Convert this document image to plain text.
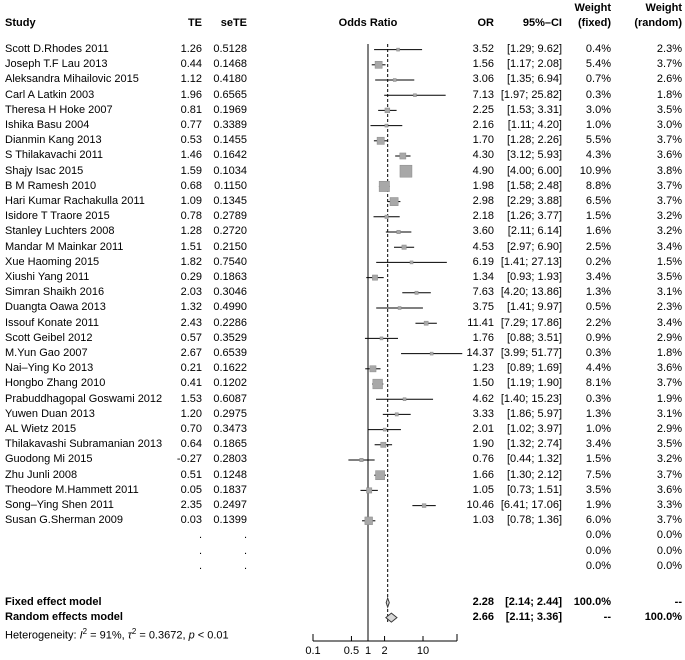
Weight	Weight
Study	TE	seTE	Odds Ratio	OR	95%–CI	(fixed)	(random)
Scott D.Rhodes 2011	1.26	0.5128	3.52	[1.29; 9.62]	0.4%	2.3%
Joseph T.F Lau 2013	0.44	0.1468	1.56	[1.17; 2.08]	5.4%	3.7%
Aleksandra Mihailovic 2015	1.12	0.4180	3.06	[1.35; 6.94]	0.7%	2.6%
Carl A Latkin 2003	1.96	0.6565	7.13 [1.97; 25.82]	0.3%	1.8%
Theresa H Hoke 2007	0.81	0.1969	2.25	[1.53; 3.31]	3.0%	3.5%
Ishika Basu 2004	0.77	0.3389	2.16	[1.11; 4.20]	1.0%	3.0%
Dianmin Kang 2013	0.53	0.1455	1.70	[1.28; 2.26]	5.5%	3.7%
S Thilakavachi 2011	1.46	0.1642	4.30	[3.12; 5.93]	4.3%	3.6%
Shajy Isac 2015	1.59	0.1034	4.90	[4.00; 6.00]	10.9%	3.8%
B M Ramesh 2010	0.68	0.1150	1.98	[1.58; 2.48]	8.8%	3.7%
Hari Kumar Rachakulla 2011	1.09	0.1345	2.98	[2.29; 3.88]	6.5%	3.7%
Isidore T Traore 2015	0.78	0.2789	2.18	[1.26; 3.77]	1.5%	3.2%
Stanley Luchters 2008	1.28	0.2720	3.60	[2.11; 6.14]	1.6%	3.2%
Mandar M Mainkar 2011	1.51	0.2150	4.53	[2.97; 6.90]	2.5%	3.4%
Xue Haoming 2015	1.82	0.7540	6.19 [1.41; 27.13]	0.2%	1.5%
Xiushi Yang 2011	0.29	0.1863	1.34	[0.93; 1.93]	3.4%	3.5%
Simran Shaikh 2016	2.03	0.3046	7.63 [4.20; 13.86]	1.3%	3.1%
Duangta Oawa 2013	1.32	0.4990	3.75	[1.41; 9.97]	0.5%	2.3%
Issouf Konate 2011	2.43	0.2286	11.41 [7.29; 17.86]	2.2%	3.4%
Scott Geibel 2012	0.57	0.3529	1.76	[0.88; 3.51]	0.9%	2.9%
M.Yun Gao 2007	2.67	0.6539	14.37 [3.99; 51.77]	0.3%	1.8%
Nai–Ying Ko 2013	0.21	0.1622	1.23	[0.89; 1.69]	4.4%	3.6%
Hongbo Zhang 2010	0.41	0.1202	1.50	[1.19; 1.90]	8.1%	3.7%
Prabuddhagopal Goswami 2012	1.53	0.6087	4.62 [1.40; 15.23]	0.3%	1.9%
Yuwen Duan 2013	1.20	0.2975	3.33	[1.86; 5.97]	1.3%	3.1%
AL Wietz 2015	0.70	0.3473	2.01	[1.02; 3.97]	1.0%	2.9%
Thilakavashi Subramanian 2013	0.64	0.1865	1.90	[1.32; 2.74]	3.4%	3.5%
Guodong Mi 2015	-0.27	0.2803	0.76	[0.44; 1.32]	1.5%	3.2%
Zhu Junli 2008	0.51	0.1248	1.66	[1.30; 2.12]	7.5%	3.7%
Theodore M.Hammett 2011	0.05	0.1837	1.05	[0.73; 1.51]	3.5%	3.6%
Song–Ying Shen 2011	2.35	0.2497	10.46 [6.41; 17.06]	1.9%	3.3%
Susan G.Sherman 2009	0.03	0.1399	1.03	[0.78; 1.36]	6.0%	3.7%
.	.	0.0%	0.0%
.	.	0.0%	0.0%
.	.	0.0%	0.0%
Fixed effect model	2.28	[2.14; 2.44]	100.0%	--
Random effects model	2.66	[2.11; 3.36]	--	100.0%
Heterogeneity: $I^2 = 91\%$, $\tau^2 = 0.3672$, p < 0.01
0.1 0.5 1 2	10
